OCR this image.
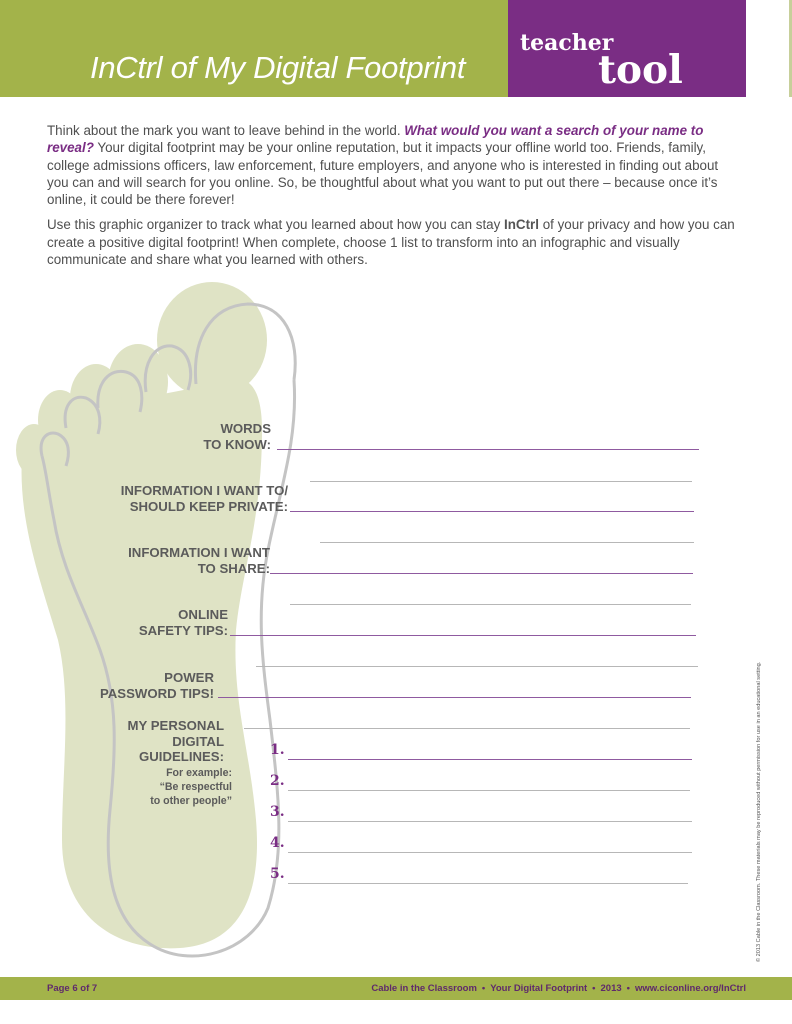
InCtrl of My Digital Footprint
teacher
tool

Think about the mark you want to leave behind in the world. What would you want a search of your name to reveal? Your digital footprint may be your online reputation, but it impacts your offline world too. Friends, family, college admissions officers, law enforcement, future employers, and anyone who is interested in finding out about you can and will search for you online. So, be thoughtful about what you want to put out there – because once it’s online, it could be there forever!

Use this graphic organizer to track what you learned about how you can stay InCtrl of your privacy and how you can create a positive digital footprint! When complete, choose 1 list to transform into an infographic and visually communicate and share what you learned with others.

WORDS
TO KNOW:
INFORMATION I WANT TO/
SHOULD KEEP PRIVATE:
INFORMATION I WANT
TO SHARE:
ONLINE
SAFETY TIPS:
POWER
PASSWORD TIPS!
MY PERSONAL
DIGITAL
GUIDELINES:
For example:
“Be respectful
to other people”
1.
2.
3.
4.
5.	© 2013 Cable in the Classroom. These materials may be reproduced without permission for use in an educational setting.
Page 6 of 7	Cable in the Classroom • Your Digital Footprint • 2013 • www.ciconline.org/InCtrl
